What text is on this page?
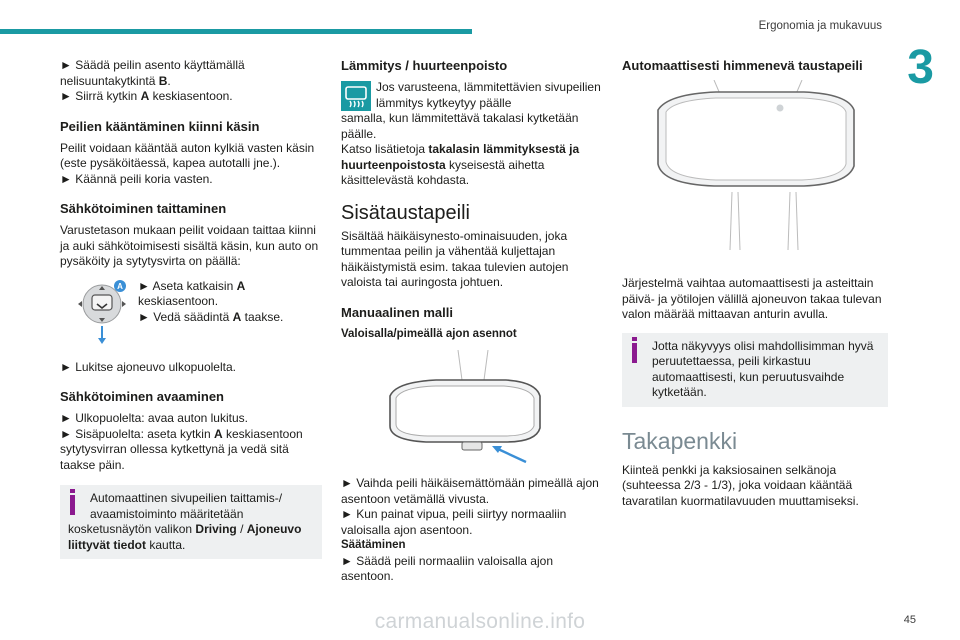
Ergonomia ja mukavuus
3

► Säädä peilin asento käyttämällä
nelisuuntakytkintä B.

► Siirrä kytkin A keskiasentoon.

Peilien kääntäminen kiinni käsin

Peilit voidaan kääntää auton kylkiä vasten käsin (este pysäköitäessä, kapea autotalli jne.).

► Käännä peili koria vasten.

Sähkötoiminen taittaminen

Varustetason mukaan peilit voidaan taittaa kiinni ja auki sähkötoimisesti sisältä käsin, kun auto on pysäköity ja sytytysvirta on päällä:

A ► Aseta katkaisin A
keskiasentoon.

► Vedä säädintä A taakse.

► Lukitse ajoneuvo ulkopuolelta.

Sähkötoiminen avaaminen

► Ulkopuolelta: avaa auton lukitus.

► Sisäpuolelta: aseta kytkin A keskiasentoon sytytysvirran ollessa kytkettynä ja vedä sitä taakse päin.

Automaattinen sivupeilien taittamis-/ avaamistoiminto määritetään

kosketusnäytön valikon Driving / Ajoneuvo liittyvät tiedot kautta.

Lämmitys / huurteenpoisto

Jos varusteena, lämmitettävien sivupeilien lämmitys kytkeytyy päälle

samalla, kun lämmitettävä takalasi kytketään päälle.

Katso lisätietoja takalasin lämmityksestä ja huurteenpoistosta kyseisestä aihetta käsittelevästä kohdasta.

Sisätaustapeili

Sisältää häikäisynesto-ominaisuuden, joka tummentaa peilin ja vähentää kuljettajan häikäistymistä esim. takaa tulevien autojen valoista tai auringosta johtuen.

Manuaalinen malli

Valoisalla/pimeällä ajon asennot

► Vaihda peili häikäisemättömään pimeällä ajon asentoon vetämällä vivusta.

► Kun painat vipua, peili siirtyy normaaliin valoisalla ajon asentoon.

Säätäminen

► Säädä peili normaaliin valoisalla ajon asentoon.

Automaattisesti himmenevä taustapeili

Järjestelmä vaihtaa automaattisesti ja asteittain päivä- ja yötilojen välillä ajoneuvon takaa tulevan valon määrää mittaavan anturin avulla.

Jotta näkyvyys olisi mahdollisimman hyvä peruutettaessa, peili kirkastuu automaattisesti, kun peruutusvaihde kytketään.

Takapenkki

Kiinteä penkki ja kaksiosainen selkänoja (suhteessa 2/3 - 1/3), joka voidaan kääntää tavaratilan kuormatilavuuden muuttamiseksi.

45
carmanualsonline.info
